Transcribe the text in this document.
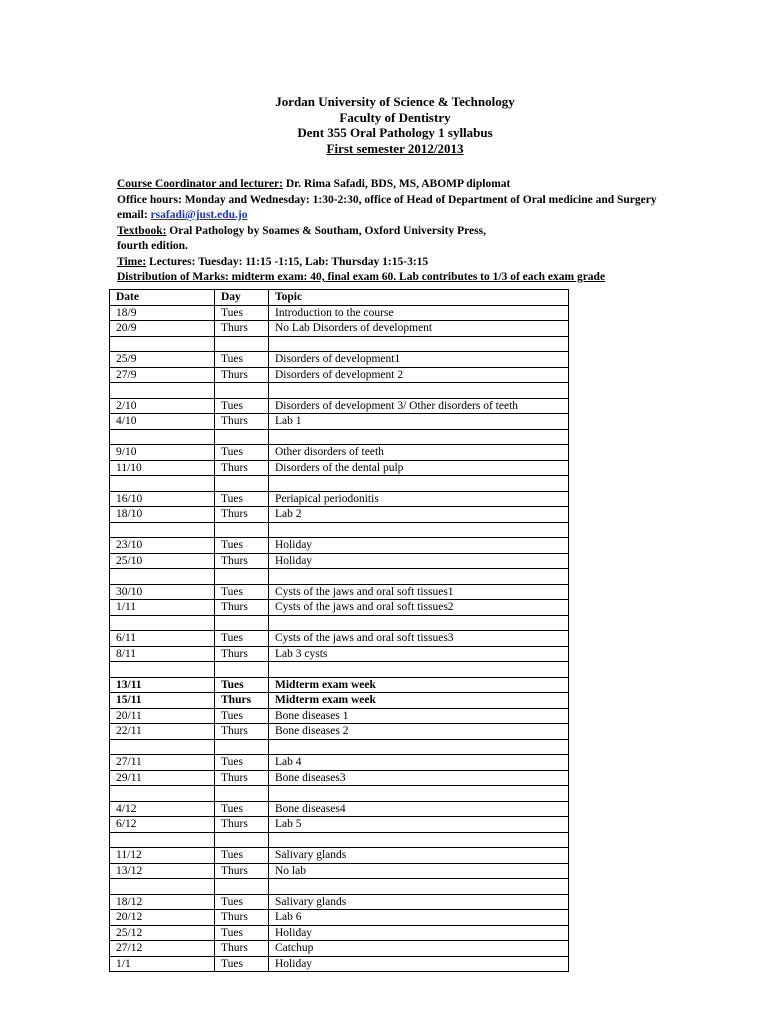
Jordan University of Science & Technology
Faculty of Dentistry
Dent 355 Oral Pathology 1 syllabus
First semester 2012/2013
Course Coordinator and lecturer: Dr. Rima Safadi, BDS, MS, ABOMP diplomat
Office hours: Monday and Wednesday: 1:30-2:30, office of Head of Department of Oral medicine and Surgery
email: rsafadi@just.edu.jo
Textbook: Oral Pathology by Soames & Southam, Oxford University Press,
fourth edition.
Time: Lectures: Tuesday: 11:15 -1:15, Lab: Thursday 1:15-3:15
Distribution of Marks: midterm exam: 40, final exam 60. Lab contributes to 1/3 of each exam grade
Date	Day	Topic
18/9	Tues	Introduction to the course
20/9	Thurs	No Lab Disorders of development

25/9	Tues	Disorders of development1
27/9	Thurs	Disorders of development 2

2/10	Tues	Disorders of development 3/ Other disorders of teeth
4/10	Thurs	Lab 1

9/10	Tues	Other disorders of teeth
11/10	Thurs	Disorders of the dental pulp

16/10	Tues	Periapical periodonitis
18/10	Thurs	Lab 2

23/10	Tues	Holiday
25/10	Thurs	Holiday

30/10	Tues	Cysts of the jaws and oral soft tissues1
1/11	Thurs	Cysts of the jaws and oral soft tissues2

6/11	Tues	Cysts of the jaws and oral soft tissues3
8/11	Thurs	Lab 3 cysts

13/11	Tues	Midterm exam week
15/11	Thurs	Midterm exam week
20/11	Tues	Bone diseases 1
22/11	Thurs	Bone diseases 2

27/11	Tues	Lab 4
29/11	Thurs	Bone diseases3

4/12	Tues	Bone diseases4
6/12	Thurs	Lab 5

11/12	Tues	Salivary glands
13/12	Thurs	No lab

18/12	Tues	Salivary glands
20/12	Thurs	Lab 6
25/12	Tues	Holiday
27/12	Thurs	Catchup
1/1	Tues	Holiday
